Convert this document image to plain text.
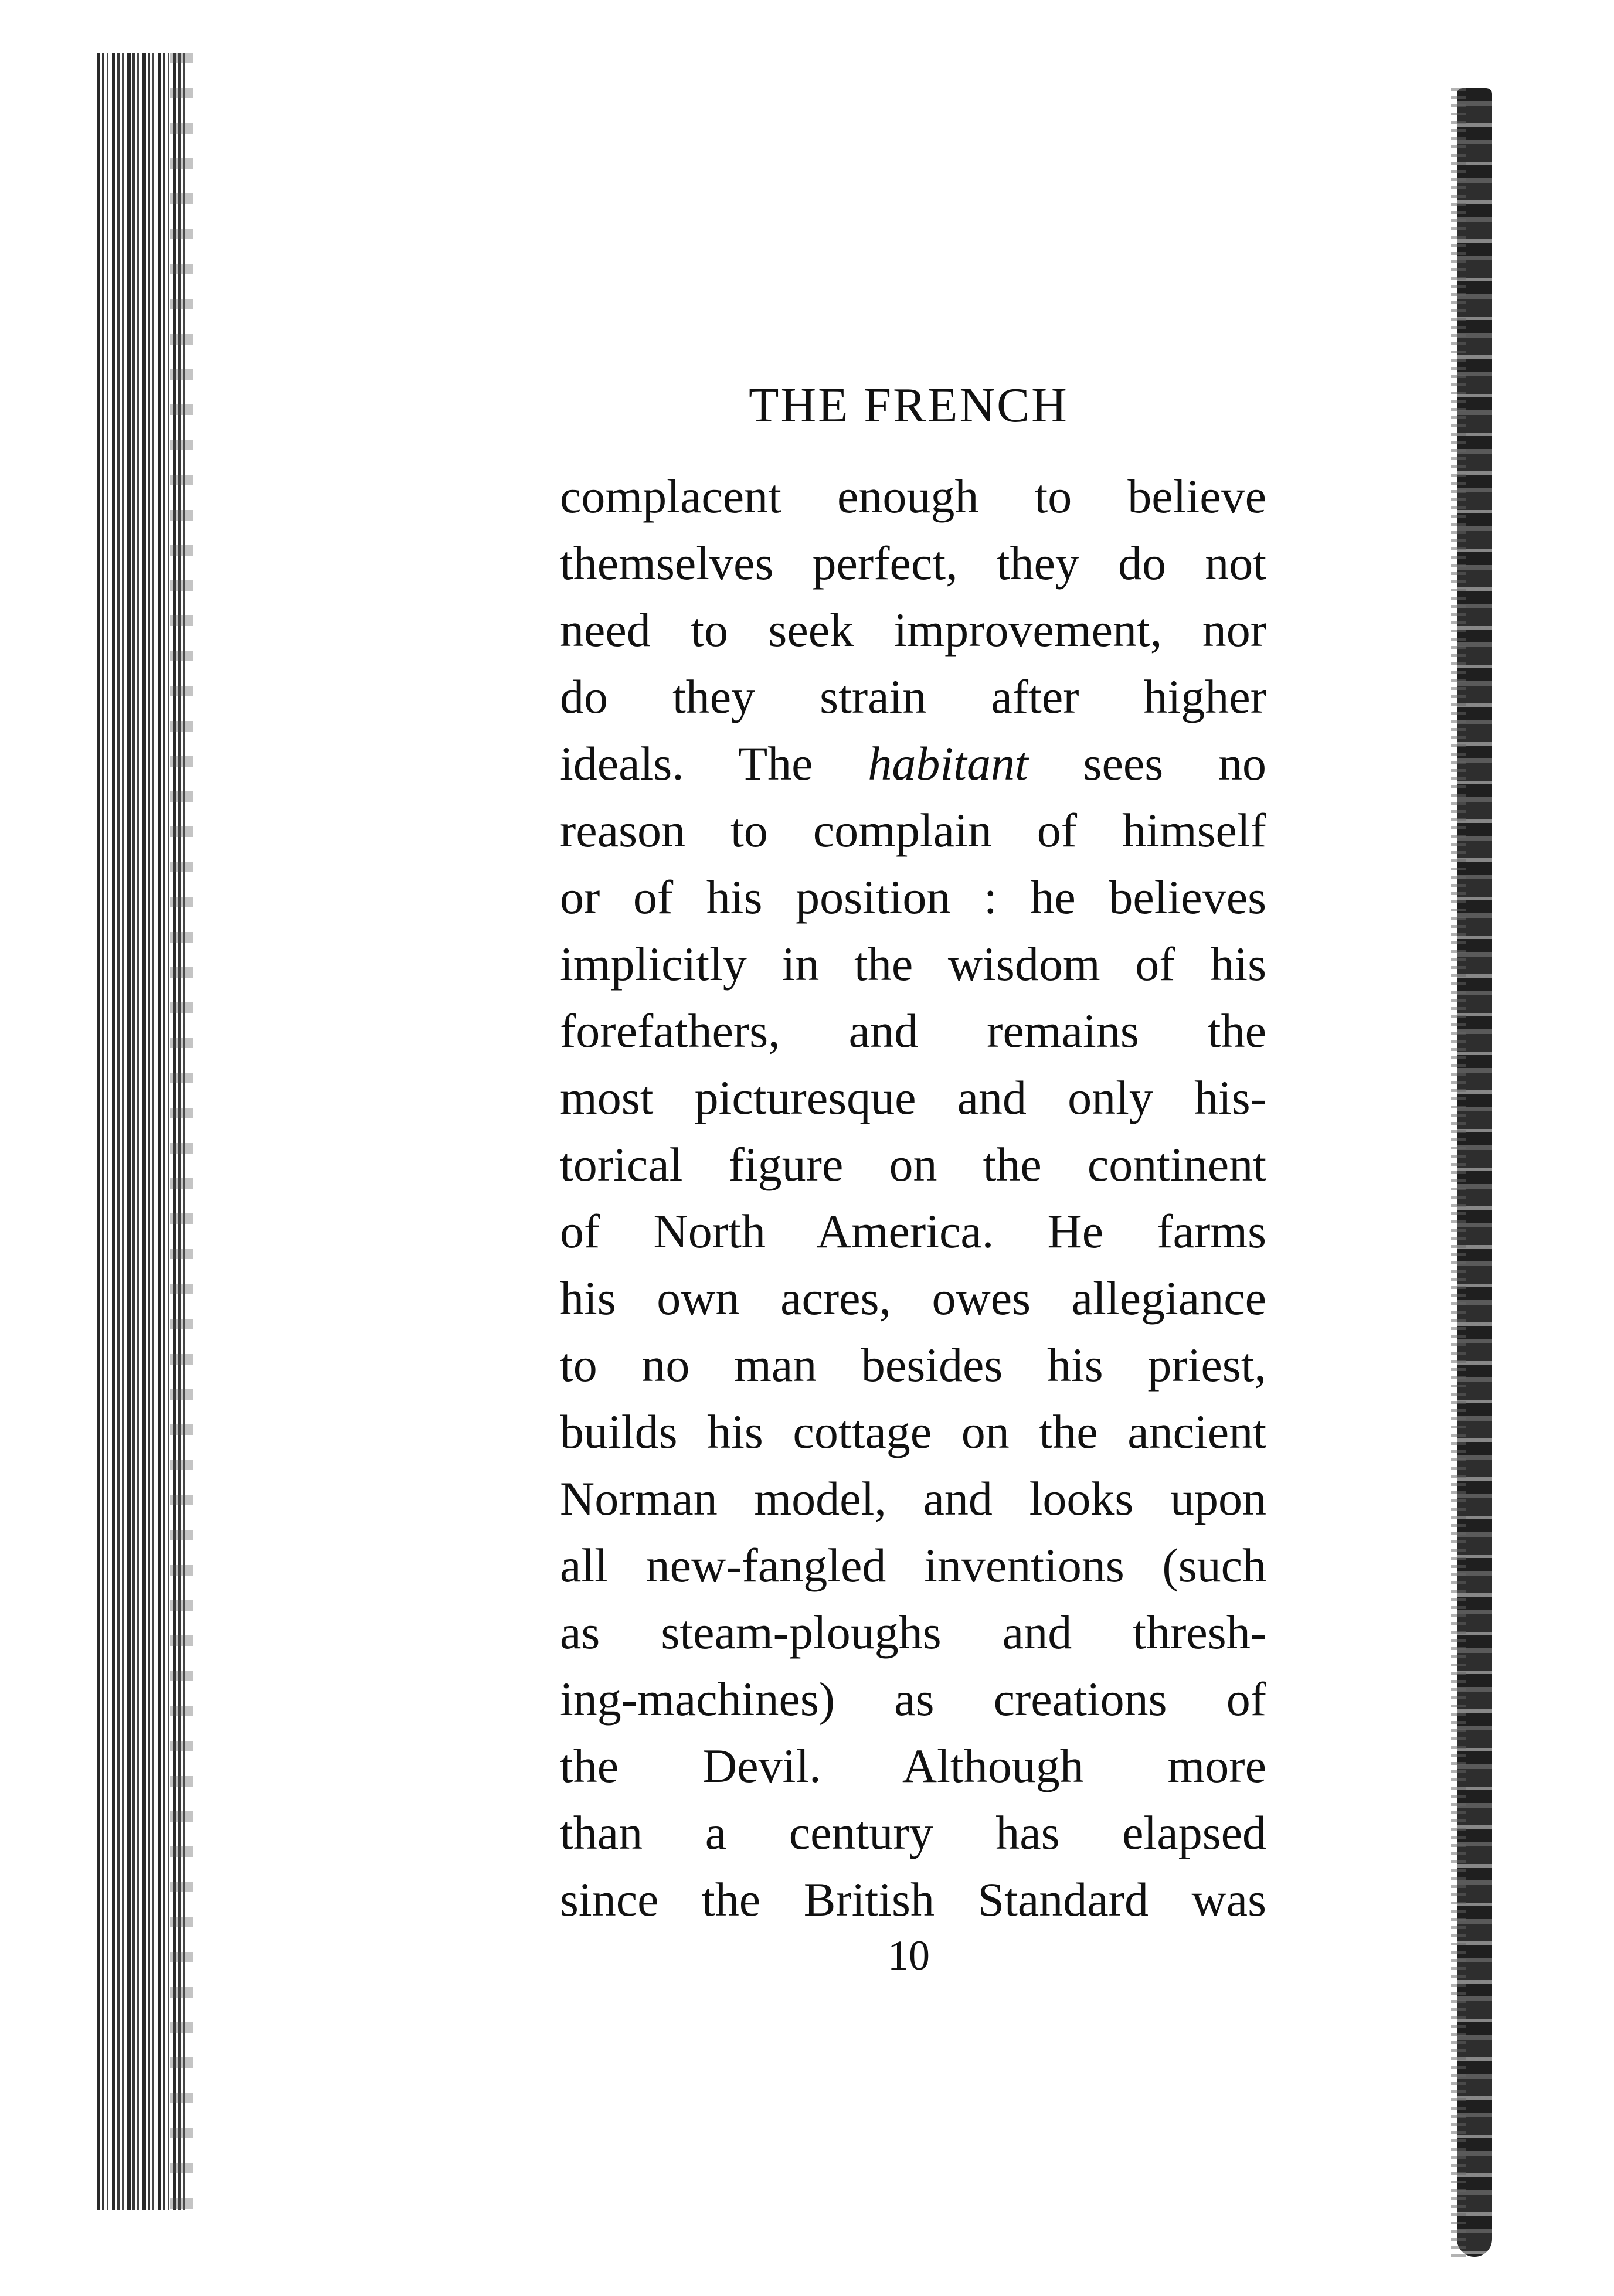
THE FRENCH
complacent enough to believe
themselves perfect, they do not
need to seek improvement, nor
do they strain after higher
ideals. The habitant sees no
reason to complain of himself
or of his position : he believes
implicitly in the wisdom of his
forefathers, and remains the
most picturesque and only his-
torical figure on the continent
of North America. He farms
his own acres, owes allegiance
to no man besides his priest,
builds his cottage on the ancient
Norman model, and looks upon
all new-fangled inventions (such
as steam-ploughs and thresh-
ing-machines) as creations of
the Devil. Although more
than a century has elapsed
since the British Standard was
10
